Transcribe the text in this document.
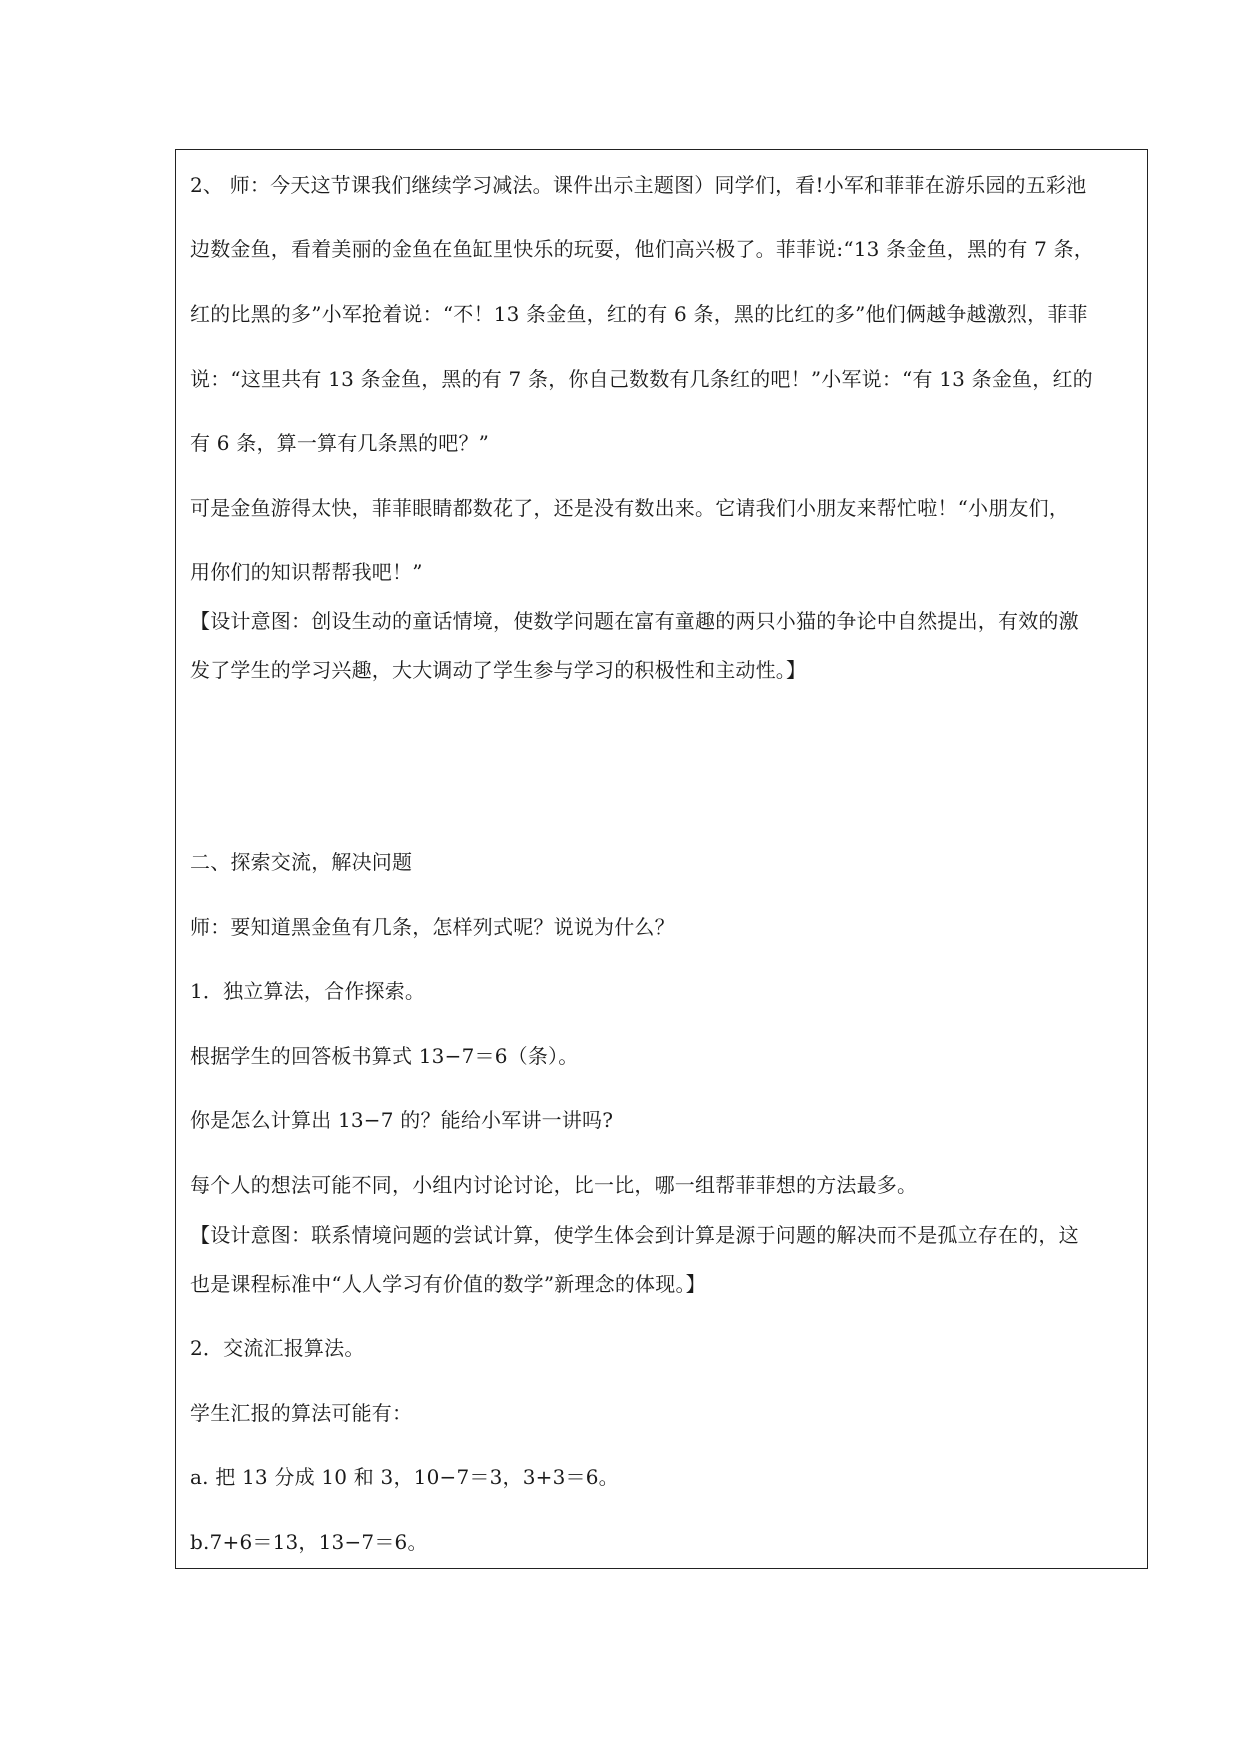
2、 师：今天这节课我们继续学习减法。课件出示主题图）同学们，看!小军和菲菲在游乐园的五彩池
边数金鱼，看着美丽的金鱼在鱼缸里快乐的玩耍，他们高兴极了。菲菲说:“13 条金鱼，黑的有 7 条，
红的比黑的多”小军抢着说：“不！13 条金鱼，红的有 6 条，黑的比红的多”他们俩越争越激烈，菲菲
说：“这里共有 13 条金鱼，黑的有 7 条，你自己数数有几条红的吧！”小军说：“有 13 条金鱼，红的
有 6 条，算一算有几条黑的吧？”
可是金鱼游得太快，菲菲眼睛都数花了，还是没有数出来。它请我们小朋友来帮忙啦！“小朋友们，
用你们的知识帮帮我吧！”
【设计意图：创设生动的童话情境，使数学问题在富有童趣的两只小猫的争论中自然提出，有效的激
发了学生的学习兴趣，大大调动了学生参与学习的积极性和主动性。】
二、探索交流，解决问题
师：要知道黑金鱼有几条，怎样列式呢？说说为什么？
1．独立算法，合作探索。
根据学生的回答板书算式 13−7＝6（条）。
你是怎么计算出 13−7 的？能给小军讲一讲吗?
每个人的想法可能不同，小组内讨论讨论，比一比，哪一组帮菲菲想的方法最多。
【设计意图：联系情境问题的尝试计算，使学生体会到计算是源于问题的解决而不是孤立存在的，这
也是课程标准中“人人学习有价值的数学”新理念的体现。】
2．交流汇报算法。
学生汇报的算法可能有：
a. 把 13 分成 10 和 3，10−7＝3，3+3＝6。
b.7+6＝13，13−7＝6。
